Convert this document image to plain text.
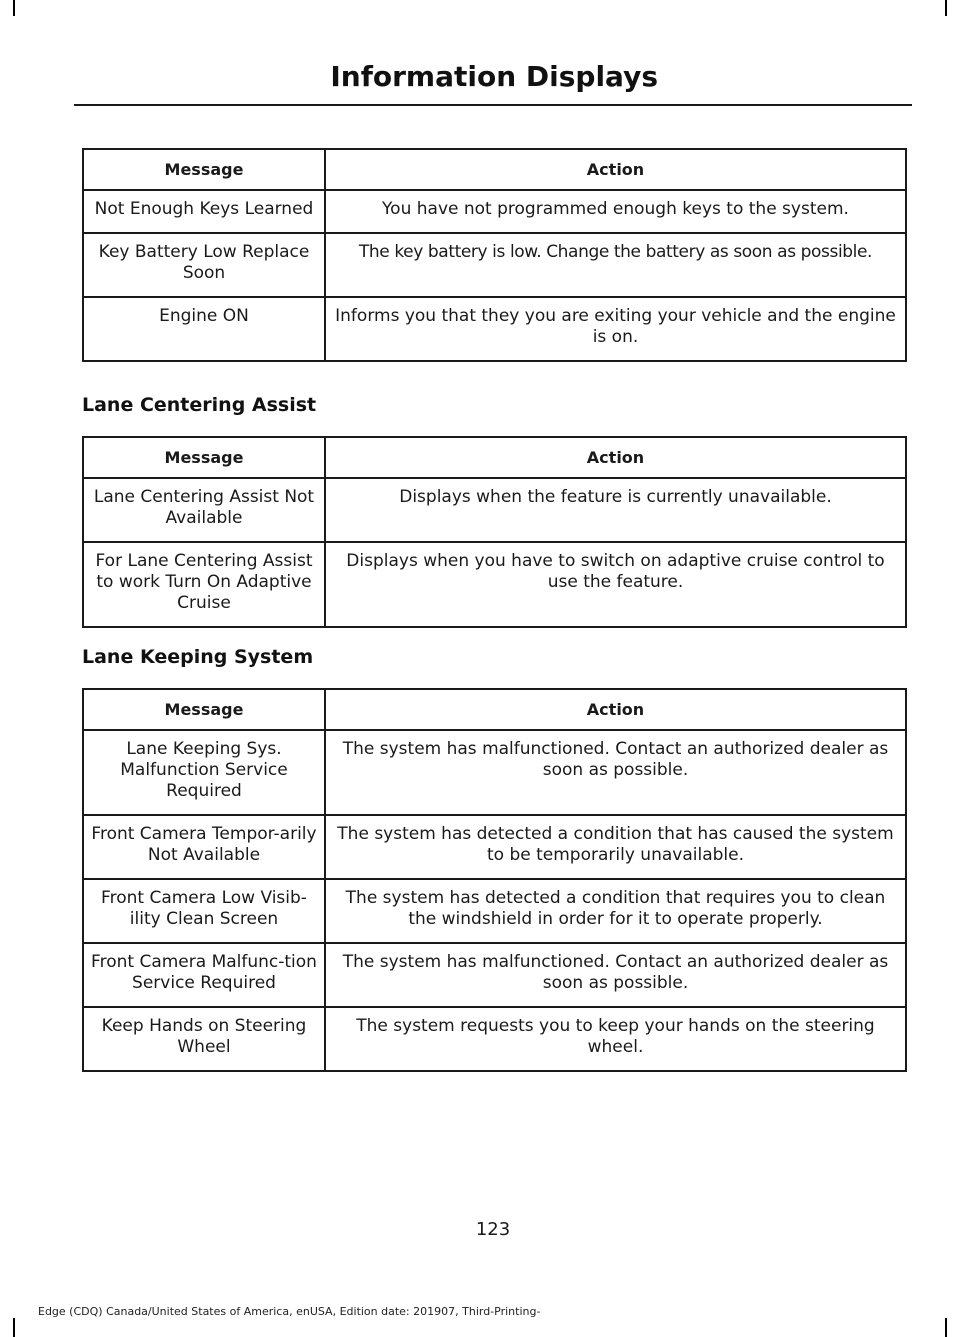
Information Displays
Message	Action
Not Enough Keys Learned	You have not programmed enough keys to the system.
Key Battery Low Replace Soon	The key battery is low. Change the battery as soon as possible.
Engine ON	Informs you that they you are exiting your vehicle and the engine is on.
Lane Centering Assist
Message	Action
Lane Centering Assist Not Available	Displays when the feature is currently unavailable.
For Lane Centering Assist to work Turn On Adaptive Cruise	Displays when you have to switch on adaptive cruise control to use the feature.
Lane Keeping System
Message	Action
Lane Keeping Sys. Malfunction Service Required	The system has malfunctioned. Contact an authorized dealer as soon as possible.
Front Camera Tempor-arily Not Available	The system has detected a condition that has caused the system to be temporarily unavailable.
Front Camera Low Visib-ility Clean Screen	The system has detected a condition that requires you to clean the windshield in order for it to operate properly.
Front Camera Malfunc-tion Service Required	The system has malfunctioned. Contact an authorized dealer as soon as possible.
Keep Hands on Steering Wheel	The system requests you to keep your hands on the steering wheel.
123
Edge (CDQ) Canada/United States of America, enUSA, Edition date: 201907, Third-Printing-
